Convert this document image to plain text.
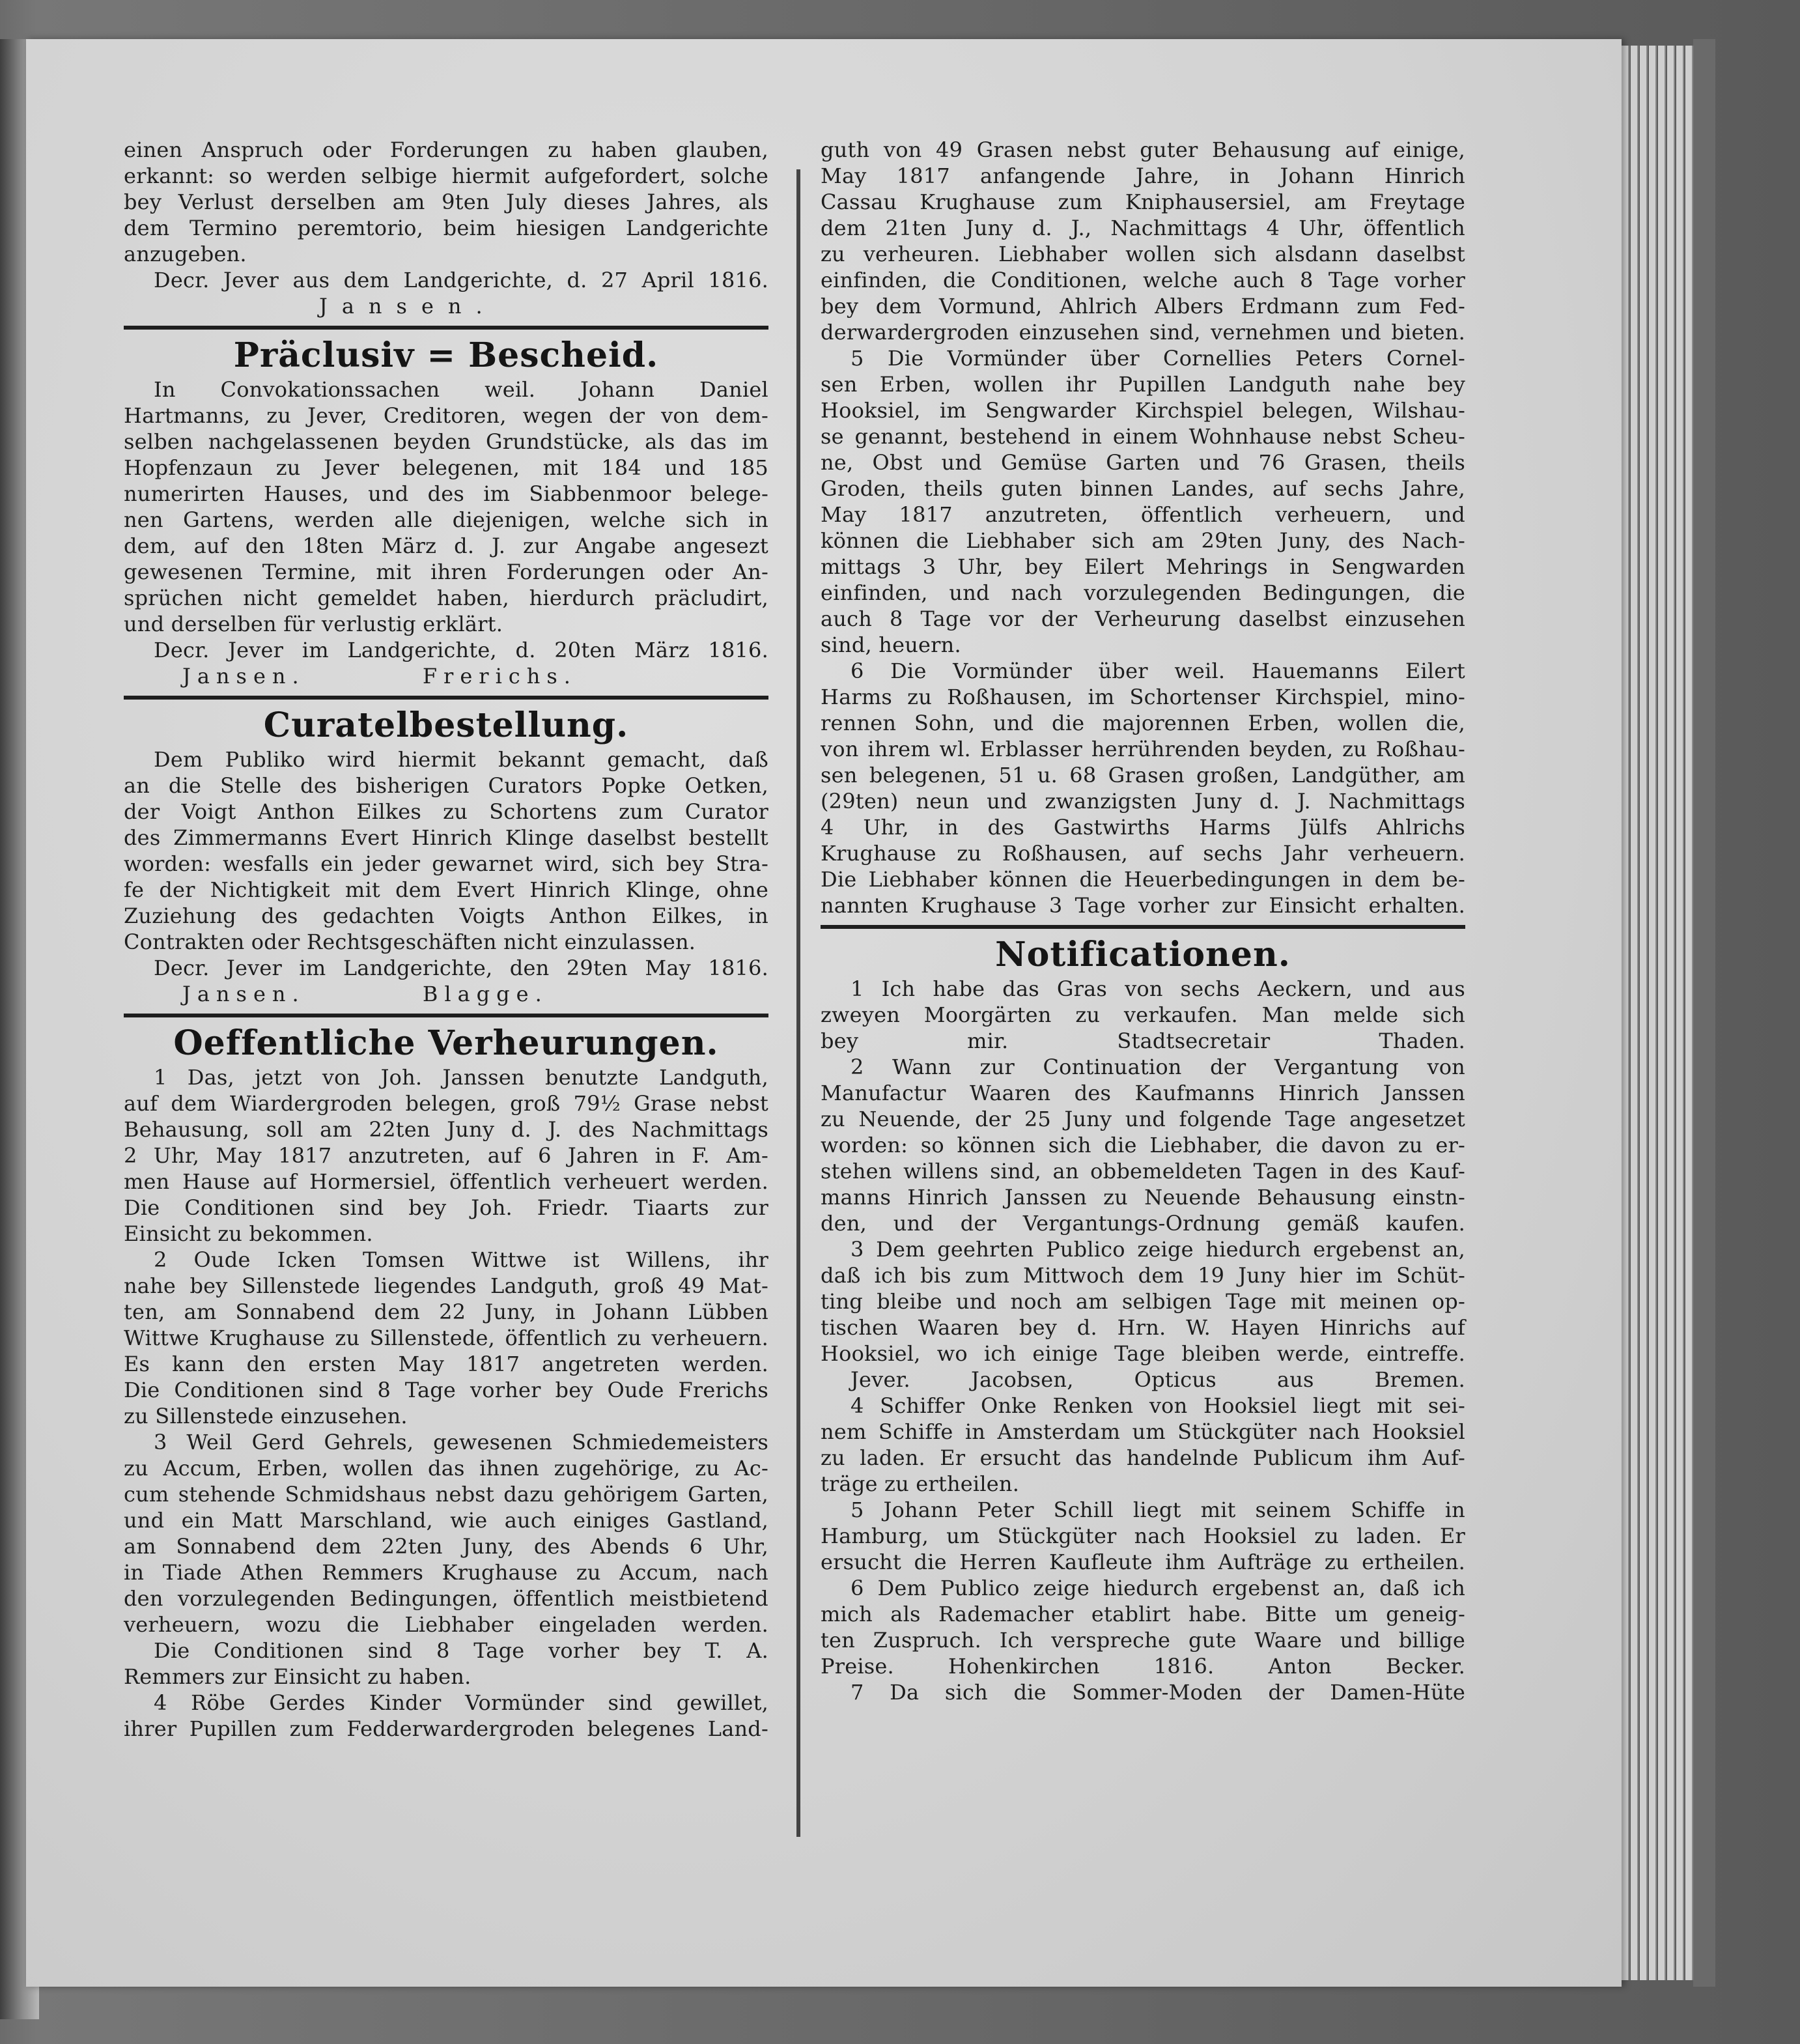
einen Anspruch oder Forderungen zu haben glauben,
erkannt: so werden selbige hiermit aufgefordert, solche
bey Verlust derselben am 9ten July dieses Jahres, als
dem Termino peremtorio, beim hiesigen Landgerichte
anzugeben.
Decr. Jever aus dem Landgerichte, d. 27 April 1816.
Jansen.
Präclusiv = Bescheid.
In Convokationssachen weil. Johann Daniel
Hartmanns, zu Jever, Creditoren, wegen der von dem-
selben nachgelassenen beyden Grundstücke, als das im
Hopfenzaun zu Jever belegenen, mit 184 und 185
numerirten Hauses, und des im Siabbenmoor belege-
nen Gartens, werden alle diejenigen, welche sich in
dem, auf den 18ten März d. J. zur Angabe angesezt
gewesenen Termine, mit ihren Forderungen oder An-
sprüchen nicht gemeldet haben, hierdurch präcludirt,
und derselben für verlustig erklärt.
Decr. Jever im Landgerichte, d. 20ten März 1816.
Jansen. Frerichs.
Curatelbestellung.
Dem Publiko wird hiermit bekannt gemacht, daß
an die Stelle des bisherigen Curators Popke Oetken,
der Voigt Anthon Eilkes zu Schortens zum Curator
des Zimmermanns Evert Hinrich Klinge daselbst bestellt
worden: wesfalls ein jeder gewarnet wird, sich bey Stra-
fe der Nichtigkeit mit dem Evert Hinrich Klinge, ohne
Zuziehung des gedachten Voigts Anthon Eilkes, in
Contrakten oder Rechtsgeschäften nicht einzulassen.
Decr. Jever im Landgerichte, den 29ten May 1816.
Jansen. Blagge.
Oeffentliche Verheurungen.
1 Das, jetzt von Joh. Janssen benutzte Landguth,
auf dem Wiardergroden belegen, groß 79½ Grase nebst
Behausung, soll am 22ten Juny d. J. des Nachmittags
2 Uhr, May 1817 anzutreten, auf 6 Jahren in F. Am-
men Hause auf Hormersiel, öffentlich verheuert werden.
Die Conditionen sind bey Joh. Friedr. Tiaarts zur
Einsicht zu bekommen.
2 Oude Icken Tomsen Wittwe ist Willens, ihr
nahe bey Sillenstede liegendes Landguth, groß 49 Mat-
ten, am Sonnabend dem 22 Juny, in Johann Lübben
Wittwe Krughause zu Sillenstede, öffentlich zu verheuern.
Es kann den ersten May 1817 angetreten werden.
Die Conditionen sind 8 Tage vorher bey Oude Frerichs
zu Sillenstede einzusehen.
3 Weil Gerd Gehrels, gewesenen Schmiedemeisters
zu Accum, Erben, wollen das ihnen zugehörige, zu Ac-
cum stehende Schmidshaus nebst dazu gehörigem Garten,
und ein Matt Marschland, wie auch einiges Gastland,
am Sonnabend dem 22ten Juny, des Abends 6 Uhr,
in Tiade Athen Remmers Krughause zu Accum, nach
den vorzulegenden Bedingungen, öffentlich meistbietend
verheuern, wozu die Liebhaber eingeladen werden.
Die Conditionen sind 8 Tage vorher bey T. A.
Remmers zur Einsicht zu haben.
4 Röbe Gerdes Kinder Vormünder sind gewillet,
ihrer Pupillen zum Fedderwardergroden belegenes Land-
guth von 49 Grasen nebst guter Behausung auf einige,
May 1817 anfangende Jahre, in Johann Hinrich
Cassau Krughause zum Kniphausersiel, am Freytage
dem 21ten Juny d. J., Nachmittags 4 Uhr, öffentlich
zu verheuren. Liebhaber wollen sich alsdann daselbst
einfinden, die Conditionen, welche auch 8 Tage vorher
bey dem Vormund, Ahlrich Albers Erdmann zum Fed-
derwardergroden einzusehen sind, vernehmen und bieten.
5 Die Vormünder über Cornellies Peters Cornel-
sen Erben, wollen ihr Pupillen Landguth nahe bey
Hooksiel, im Sengwarder Kirchspiel belegen, Wilshau-
se genannt, bestehend in einem Wohnhause nebst Scheu-
ne, Obst und Gemüse Garten und 76 Grasen, theils
Groden, theils guten binnen Landes, auf sechs Jahre,
May 1817 anzutreten, öffentlich verheuern, und
können die Liebhaber sich am 29ten Juny, des Nach-
mittags 3 Uhr, bey Eilert Mehrings in Sengwarden
einfinden, und nach vorzulegenden Bedingungen, die
auch 8 Tage vor der Verheurung daselbst einzusehen
sind, heuern.
6 Die Vormünder über weil. Hauemanns Eilert
Harms zu Roßhausen, im Schortenser Kirchspiel, mino-
rennen Sohn, und die majorennen Erben, wollen die,
von ihrem wl. Erblasser herrührenden beyden, zu Roßhau-
sen belegenen, 51 u. 68 Grasen großen, Landgüther, am
(29ten) neun und zwanzigsten Juny d. J. Nachmittags
4 Uhr, in des Gastwirths Harms Jülfs Ahlrichs
Krughause zu Roßhausen, auf sechs Jahr verheuern.
Die Liebhaber können die Heuerbedingungen in dem be-
nannten Krughause 3 Tage vorher zur Einsicht erhalten.
Notificationen.
1 Ich habe das Gras von sechs Aeckern, und aus
zweyen Moorgärten zu verkaufen. Man melde sich
bey mir. Stadtsecretair Thaden.
2 Wann zur Continuation der Vergantung von
Manufactur Waaren des Kaufmanns Hinrich Janssen
zu Neuende, der 25 Juny und folgende Tage angesetzet
worden: so können sich die Liebhaber, die davon zu er-
stehen willens sind, an obbemeldeten Tagen in des Kauf-
manns Hinrich Janssen zu Neuende Behausung einstn-
den, und der Vergantungs-Ordnung gemäß kaufen.
3 Dem geehrten Publico zeige hiedurch ergebenst an,
daß ich bis zum Mittwoch dem 19 Juny hier im Schüt-
ting bleibe und noch am selbigen Tage mit meinen op-
tischen Waaren bey d. Hrn. W. Hayen Hinrichs auf
Hooksiel, wo ich einige Tage bleiben werde, eintreffe.
Jever. Jacobsen, Opticus aus Bremen.
4 Schiffer Onke Renken von Hooksiel liegt mit sei-
nem Schiffe in Amsterdam um Stückgüter nach Hooksiel
zu laden. Er ersucht das handelnde Publicum ihm Auf-
träge zu ertheilen.
5 Johann Peter Schill liegt mit seinem Schiffe in
Hamburg, um Stückgüter nach Hooksiel zu laden. Er
ersucht die Herren Kaufleute ihm Aufträge zu ertheilen.
6 Dem Publico zeige hiedurch ergebenst an, daß ich
mich als Rademacher etablirt habe. Bitte um geneig-
ten Zuspruch. Ich verspreche gute Waare und billige
Preise. Hohenkirchen 1816. Anton Becker.
7 Da sich die Sommer-Moden der Damen-Hüte
